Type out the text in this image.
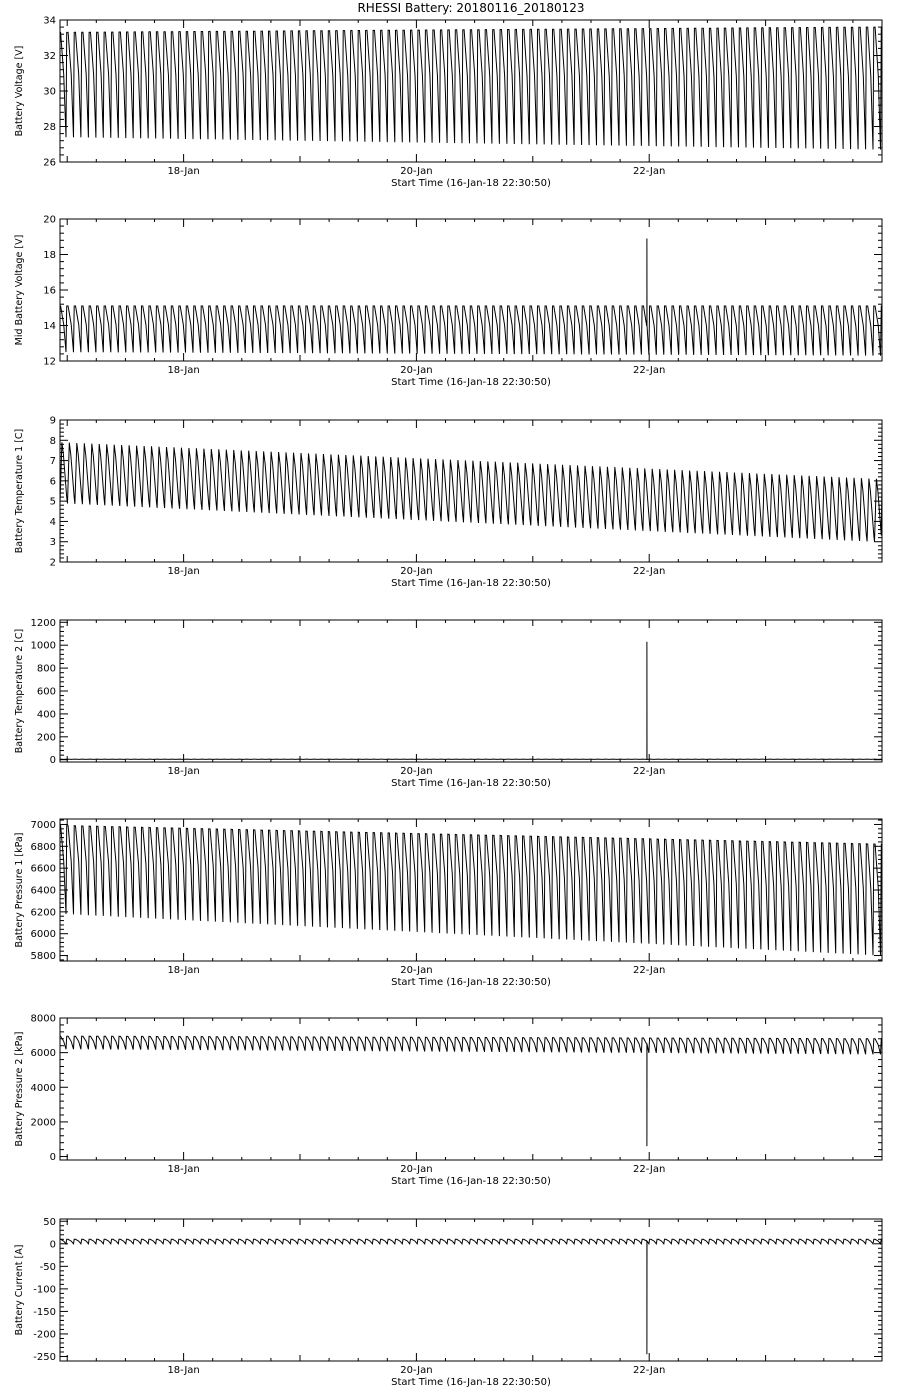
RHESSI Battery: 20180116_20180123
26
28
30
32
34
18-Jan	20-Jan	22-Jan
Start Time (16-Jan-18 22:30:50)
Battery Voltage [V]
12
14
16
18
20
18-Jan	20-Jan	22-Jan
Start Time (16-Jan-18 22:30:50)
Mid Battery Voltage [V]
2
3
4
5
6
7
8
9
18-Jan	20-Jan	22-Jan
Start Time (16-Jan-18 22:30:50)
Battery Temperature 1 [C]
0
200
400
600
800
1000
1200
18-Jan	20-Jan	22-Jan
Start Time (16-Jan-18 22:30:50)
Battery Temperature 2 [C]
5800
6000
6200
6400
6600
6800
7000
18-Jan	20-Jan	22-Jan
Start Time (16-Jan-18 22:30:50)
Battery Pressure 1 [kPa]
0
2000
4000
6000
8000
18-Jan	20-Jan	22-Jan
Start Time (16-Jan-18 22:30:50)
Battery Pressure 2 [kPa]
-250
-200
-150
-100
-50
0
50
18-Jan	20-Jan	22-Jan
Start Time (16-Jan-18 22:30:50)
Battery Current [A]
